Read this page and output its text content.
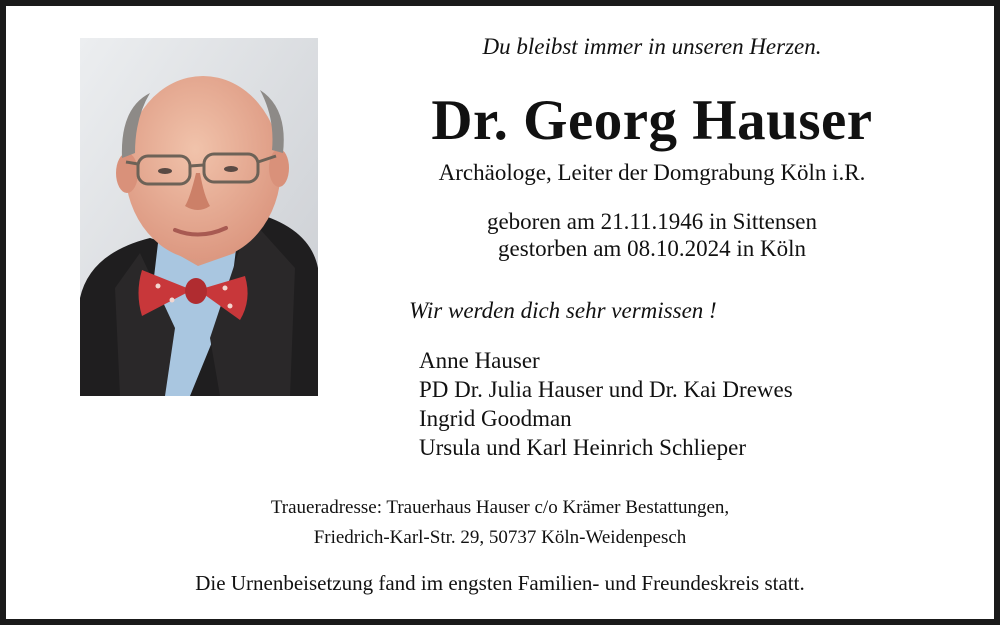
Du bleibst immer in unseren Herzen.
Dr. Georg Hauser
Archäologe, Leiter der Domgrabung Köln i.R.
geboren am 21.11.1946 in Sittensen
gestorben am 08.10.2024 in Köln
Wir werden dich sehr vermissen !
Anne Hauser
PD Dr. Julia Hauser und Dr. Kai Drewes
Ingrid Goodman
Ursula und Karl Heinrich Schlieper
Traueradresse: Trauerhaus Hauser c/o Krämer Bestattungen,
Friedrich-Karl-Str. 29, 50737 Köln-Weidenpesch
Die Urnenbeisetzung fand im engsten Familien- und Freundeskreis statt.
